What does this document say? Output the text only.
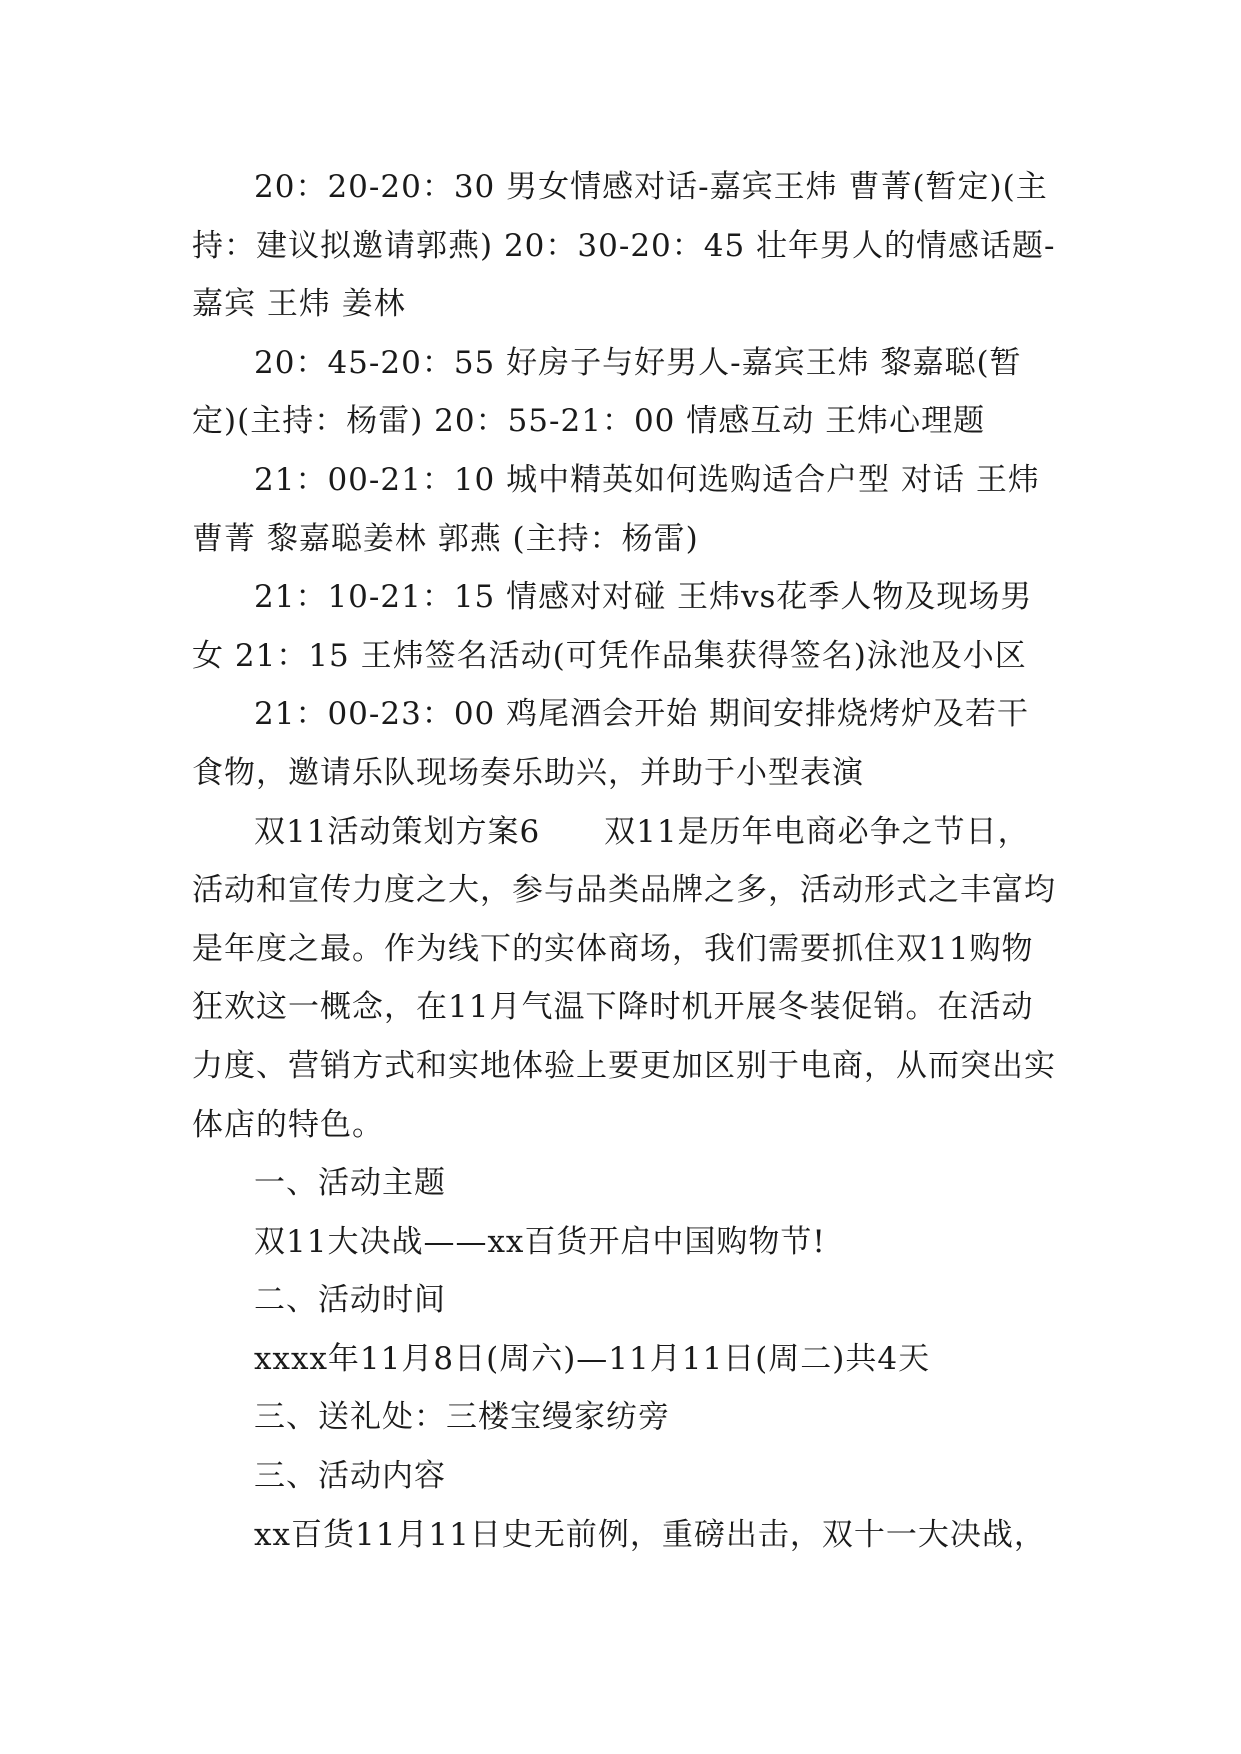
20：20-20：30 男女情感对话-嘉宾王炜 曹菁(暂定)(主持：建议拟邀请郭燕) 20：30-20：45 壮年男人的情感话题-嘉宾 王炜 姜林

20：45-20：55 好房子与好男人-嘉宾王炜 黎嘉聪(暂定)(主持：杨雷) 20：55-21：00 情感互动 王炜心理题

21：00-21：10 城中精英如何选购适合户型 对话 王炜 曹菁 黎嘉聪姜林 郭燕 (主持：杨雷)

21：10-21：15 情感对对碰 王炜vs花季人物及现场男女 21：15 王炜签名活动(可凭作品集获得签名)泳池及小区

21：00-23：00 鸡尾酒会开始 期间安排烧烤炉及若干食物，邀请乐队现场奏乐助兴，并助于小型表演

双11活动策划方案6　　双11是历年电商必争之节日，活动和宣传力度之大，参与品类品牌之多，活动形式之丰富均是年度之最。作为线下的实体商场，我们需要抓住双11购物狂欢这一概念，在11月气温下降时机开展冬装促销。在活动力度、营销方式和实地体验上要更加区别于电商，从而突出实体店的特色。

一、活动主题

双11大决战——xx百货开启中国购物节!

二、活动时间

xxxx年11月8日(周六)—11月11日(周二)共4天

三、送礼处：三楼宝缦家纺旁

三、活动内容

xx百货11月11日史无前例，重磅出击，双十一大决战，
